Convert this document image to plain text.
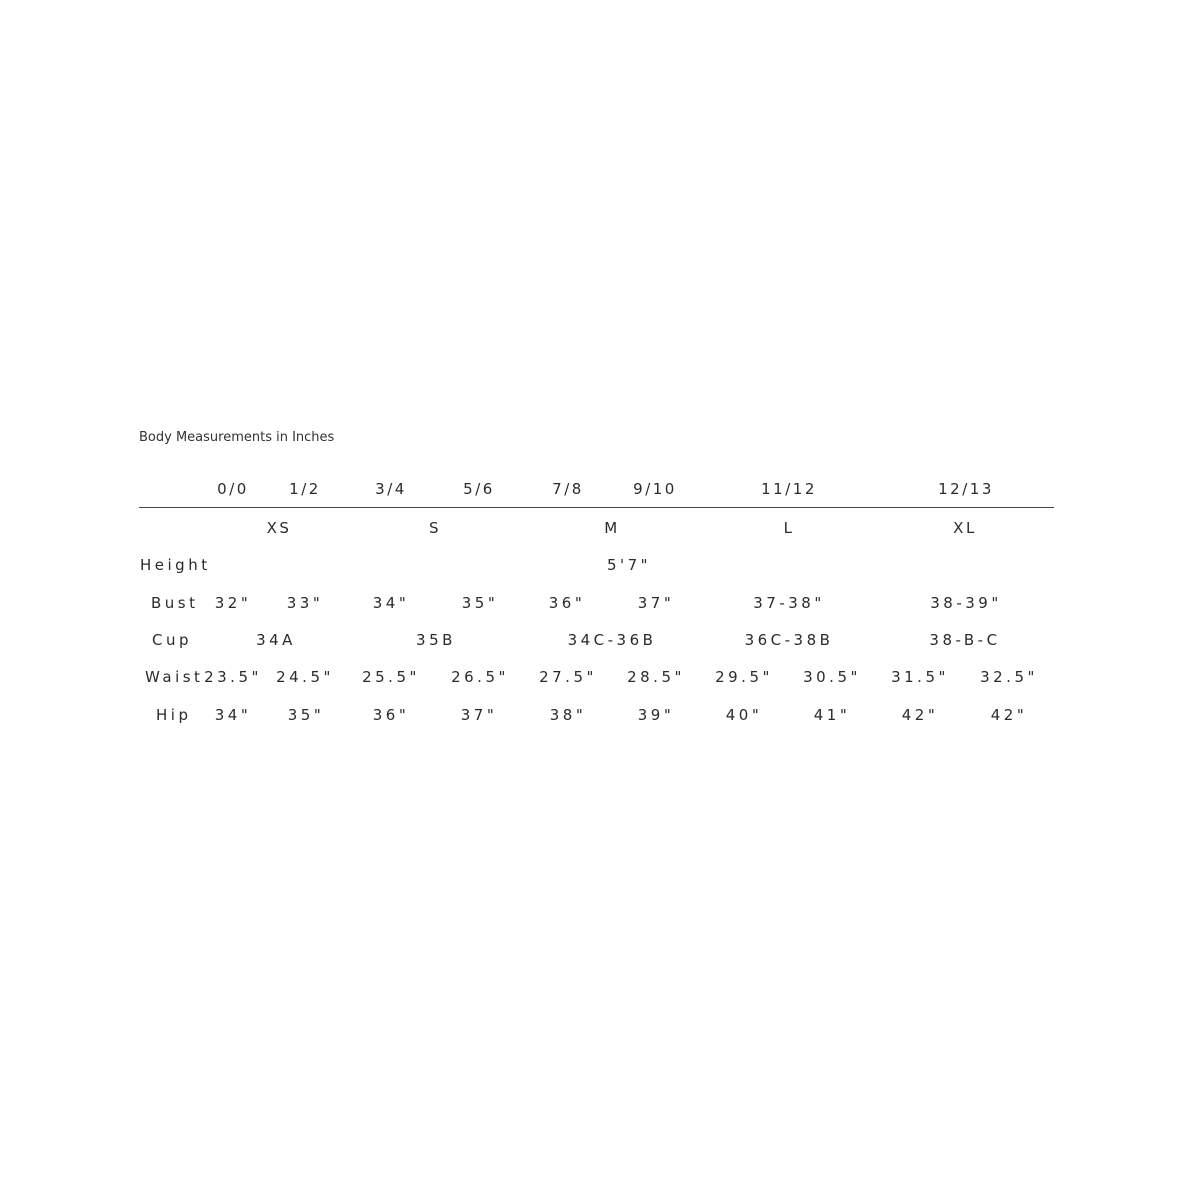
Body Measurements in Inches
0/0	1/2	3/4	5/6	7/8	9/10	11/12	12/13
XS	S	M	L	XL
Height	5'7"
Bust 32" 33"	34"	35"	36"	37"	37-38"	38-39"
Cup	34A	35B	34C-36B	36C-38B	38-B-C
Waist 23.5" 24.5" 25.5" 26.5" 27.5" 28.5" 29.5" 30.5" 31.5" 32.5"
Hip 34" 35"	36"	37"	38"	39"	40"	41"	42"	42"
